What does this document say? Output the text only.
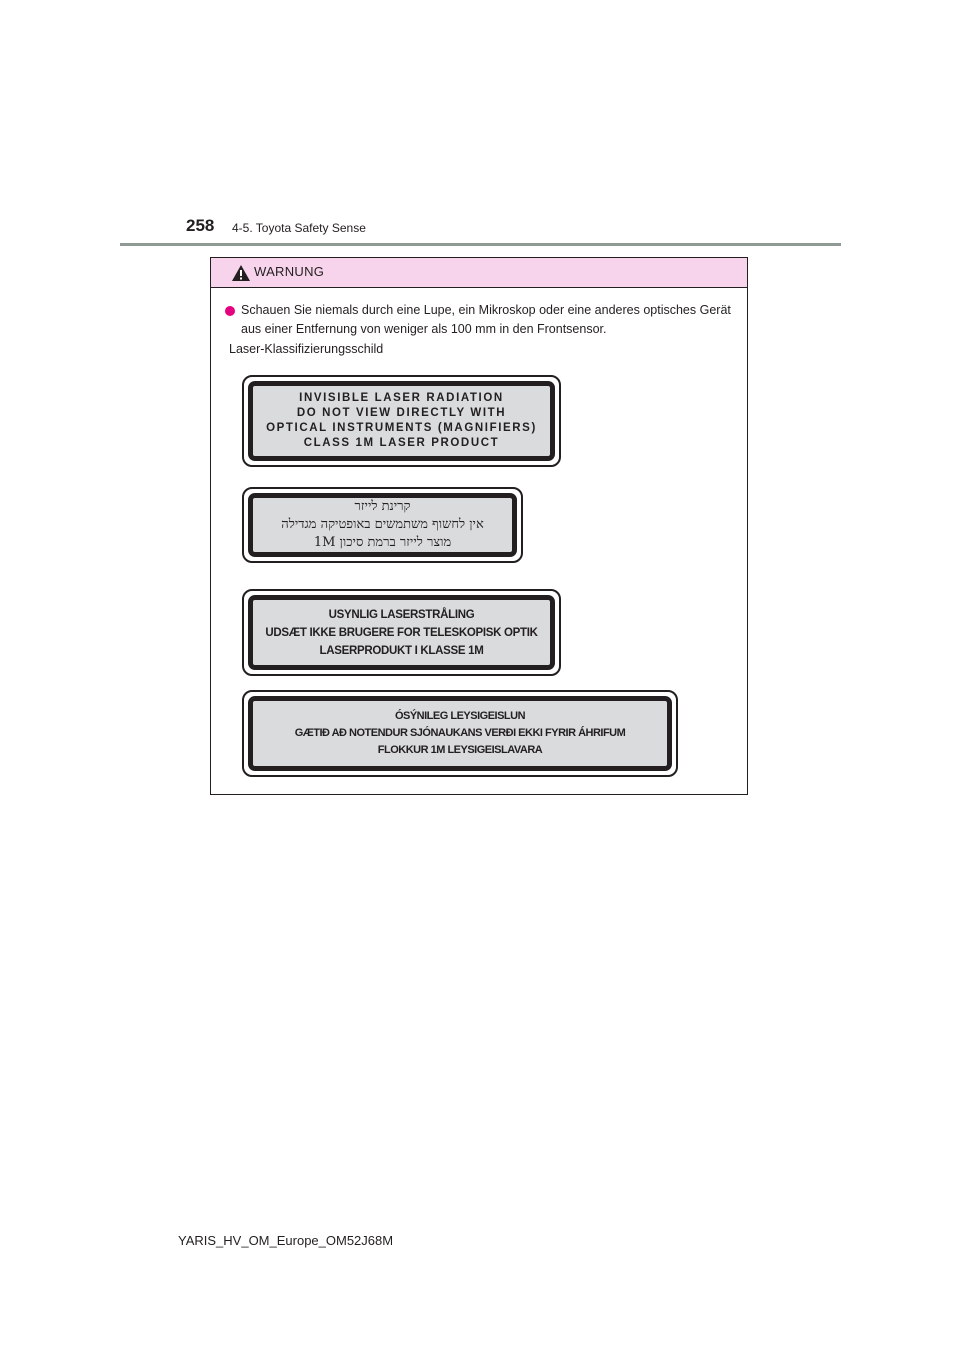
258 4-5. Toyota Safety Sense
WARNUNG
Schauen Sie niemals durch eine Lupe, ein Mikroskop oder eine anderes optisches Gerät aus einer Entfernung von weniger als 100 mm in den Frontsensor.
Laser-Klassifizierungsschild
INVISIBLE LASER RADIATION
DO NOT VIEW DIRECTLY WITH
OPTICAL INSTRUMENTS (MAGNIFIERS)
CLASS 1M LASER PRODUCT
קרינת לייזר
אין לחשוף משתמשים באופטיקה מגדילה
מוצר לייזר ברמת סיכון 1M
USYNLIG LASERSTRÅLING
UDSÆT IKKE BRUGERE FOR TELESKOPISK OPTIK
LASERPRODUKT I KLASSE 1M
ÓSÝNILEG LEYSIGEISLUN
GÆTIÐ AÐ NOTENDUR SJÓNAUKANS VERÐI EKKI FYRIR ÁHRIFUM
FLOKKUR 1M LEYSIGEISLAVARA
YARIS_HV_OM_Europe_OM52J68M
